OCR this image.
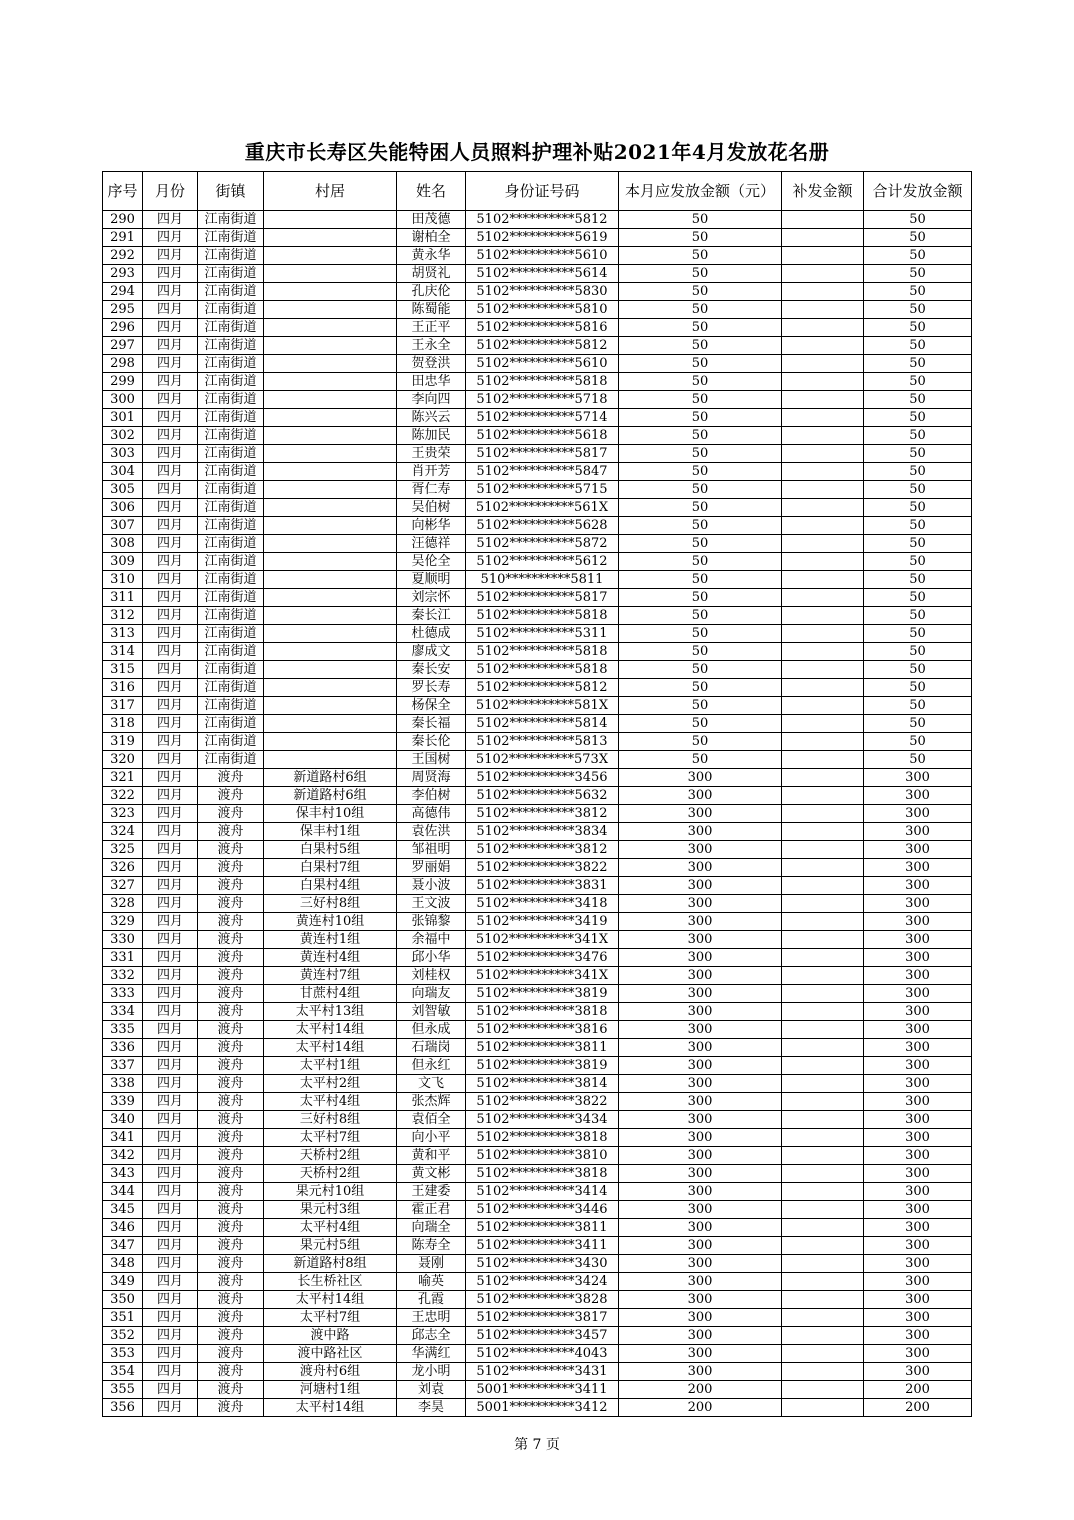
重庆市长寿区失能特困人员照料护理补贴2021年4月发放花名册
序号	月份	街镇	村居	姓名	身份证号码	本月应发放金额（元）	补发金额	合计发放金额
290	四月	江南街道		田茂德	5102**********5812	50		50
291	四月	江南街道		谢柏全	5102**********5619	50		50
292	四月	江南街道		黄永华	5102**********5610	50		50
293	四月	江南街道		胡贤礼	5102**********5614	50		50
294	四月	江南街道		孔庆伦	5102**********5830	50		50
295	四月	江南街道		陈蜀能	5102**********5810	50		50
296	四月	江南街道		王正平	5102**********5816	50		50
297	四月	江南街道		王永全	5102**********5812	50		50
298	四月	江南街道		贺登洪	5102**********5610	50		50
299	四月	江南街道		田忠华	5102**********5818	50		50
300	四月	江南街道		李向四	5102**********5718	50		50
301	四月	江南街道		陈兴云	5102**********5714	50		50
302	四月	江南街道		陈加民	5102**********5618	50		50
303	四月	江南街道		王贵荣	5102**********5817	50		50
304	四月	江南街道		肖开芳	5102**********5847	50		50
305	四月	江南街道		胥仁寿	5102**********5715	50		50
306	四月	江南街道		吴伯树	5102**********561X	50		50
307	四月	江南街道		向彬华	5102**********5628	50		50
308	四月	江南街道		汪德祥	5102**********5872	50		50
309	四月	江南街道		吴伦全	5102**********5612	50		50
310	四月	江南街道		夏顺明	510**********5811	50		50
311	四月	江南街道		刘宗怀	5102**********5817	50		50
312	四月	江南街道		秦长江	5102**********5818	50		50
313	四月	江南街道		杜德成	5102**********5311	50		50
314	四月	江南街道		廖成文	5102**********5818	50		50
315	四月	江南街道		秦长安	5102**********5818	50		50
316	四月	江南街道		罗长寿	5102**********5812	50		50
317	四月	江南街道		杨保全	5102**********581X	50		50
318	四月	江南街道		秦长福	5102**********5814	50		50
319	四月	江南街道		秦长伦	5102**********5813	50		50
320	四月	江南街道		王国树	5102**********573X	50		50
321	四月	渡舟	新道路村6组	周贤海	5102**********3456	300		300
322	四月	渡舟	新道路村6组	李伯树	5102**********5632	300		300
323	四月	渡舟	保丰村10组	高德伟	5102**********3812	300		300
324	四月	渡舟	保丰村1组	袁佐洪	5102**********3834	300		300
325	四月	渡舟	白果村5组	邹祖明	5102**********3812	300		300
326	四月	渡舟	白果村7组	罗丽娟	5102**********3822	300		300
327	四月	渡舟	白果村4组	聂小波	5102**********3831	300		300
328	四月	渡舟	三好村8组	王文波	5102**********3418	300		300
329	四月	渡舟	黄连村10组	张锦黎	5102**********3419	300		300
330	四月	渡舟	黄连村1组	余福中	5102**********341X	300		300
331	四月	渡舟	黄连村4组	邱小华	5102**********3476	300		300
332	四月	渡舟	黄连村7组	刘桂权	5102**********341X	300		300
333	四月	渡舟	甘蔗村4组	向瑞友	5102**********3819	300		300
334	四月	渡舟	太平村13组	刘智敏	5102**********3818	300		300
335	四月	渡舟	太平村14组	但永成	5102**********3816	300		300
336	四月	渡舟	太平村14组	石瑞岗	5102**********3811	300		300
337	四月	渡舟	太平村1组	但永红	5102**********3819	300		300
338	四月	渡舟	太平村2组	文飞	5102**********3814	300		300
339	四月	渡舟	太平村4组	张杰辉	5102**********3822	300		300
340	四月	渡舟	三好村8组	袁佰全	5102**********3434	300		300
341	四月	渡舟	太平村7组	向小平	5102**********3818	300		300
342	四月	渡舟	天桥村2组	黄和平	5102**********3810	300		300
343	四月	渡舟	天桥村2组	黄文彬	5102**********3818	300		300
344	四月	渡舟	果元村10组	王建委	5102**********3414	300		300
345	四月	渡舟	果元村3组	霍正君	5102**********3446	300		300
346	四月	渡舟	太平村4组	向瑞全	5102**********3811	300		300
347	四月	渡舟	果元村5组	陈寿全	5102**********3411	300		300
348	四月	渡舟	新道路村8组	聂刚	5102**********3430	300		300
349	四月	渡舟	长生桥社区	喻英	5102**********3424	300		300
350	四月	渡舟	太平村14组	孔霞	5102**********3828	300		300
351	四月	渡舟	太平村7组	王忠明	5102**********3817	300		300
352	四月	渡舟	渡中路	邱志全	5102**********3457	300		300
353	四月	渡舟	渡中路社区	华满红	5102**********4043	300		300
354	四月	渡舟	渡舟村6组	龙小明	5102**********3431	300		300
355	四月	渡舟	河塘村1组	刘袁	5001**********3411	200		200
356	四月	渡舟	太平村14组	李昊	5001**********3412	200		200
第 7 页
